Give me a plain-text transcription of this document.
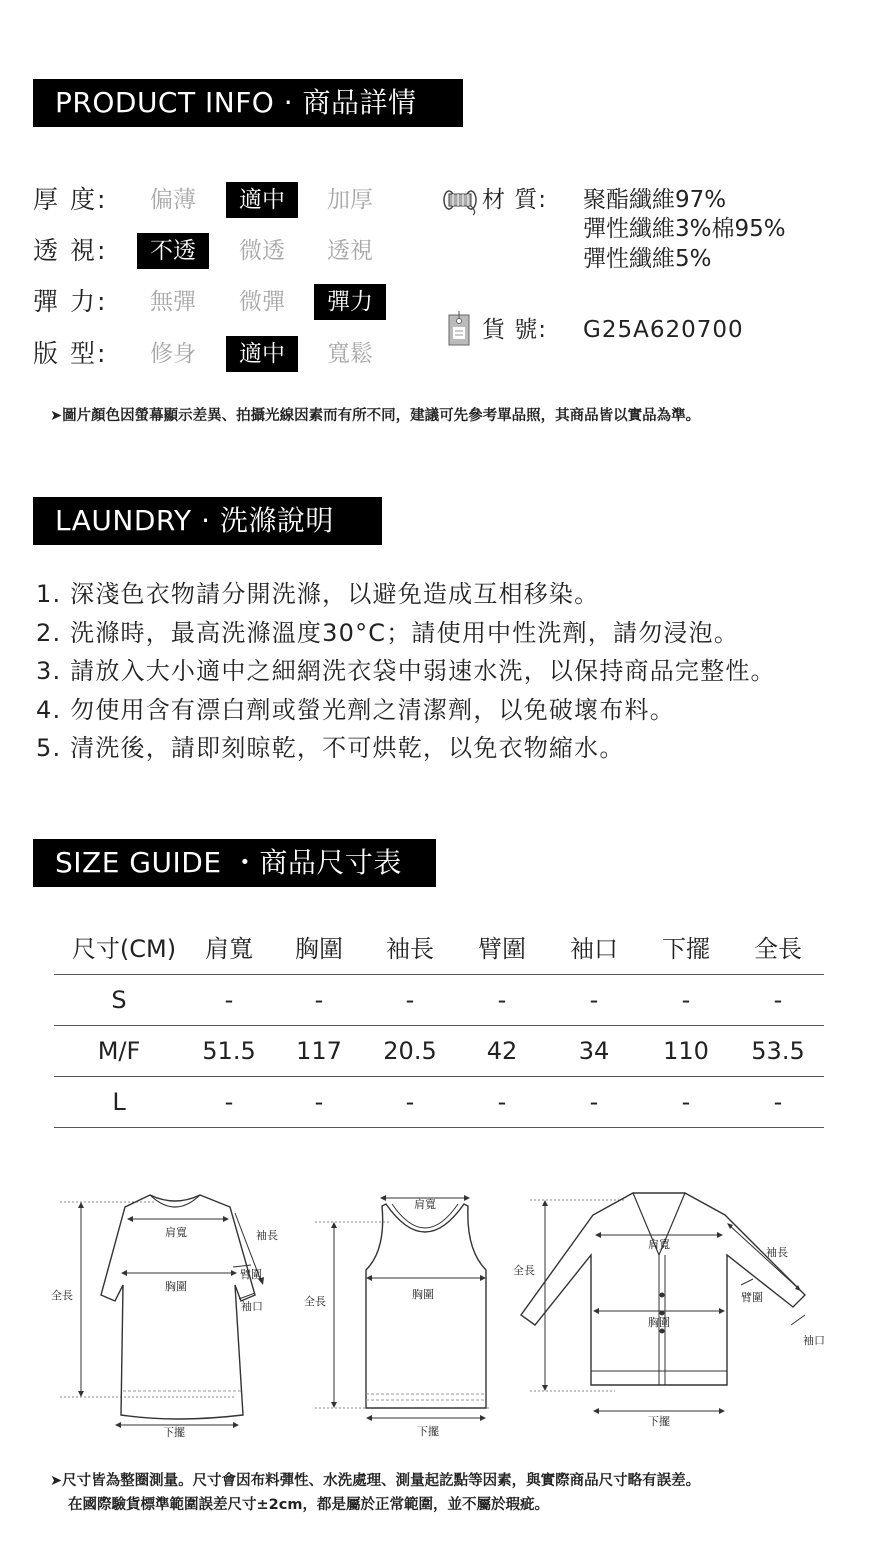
PRODUCT INFO · 商品詳情
厚 度:	偏薄	適中	加厚
透 視:	不透	微透	透視
彈 力:	無彈	微彈	彈力
版 型:	修身	適中	寬鬆
材 質: 聚酯纖維97%
彈性纖維3%棉95%
彈性纖維5%
貨 號: G25A620700
➤圖片顏色因螢幕顯示差異、拍攝光線因素而有所不同，建議可先參考單品照，其商品皆以實品為準。
LAUNDRY · 洗滌說明
1. 深淺色衣物請分開洗滌，以避免造成互相移染。
2. 洗滌時，最高洗滌溫度30°C；請使用中性洗劑，請勿浸泡。
3. 請放入大小適中之細網洗衣袋中弱速水洗，以保持商品完整性。
4. 勿使用含有漂白劑或螢光劑之清潔劑，以免破壞布料。
5. 清洗後，請即刻晾乾，不可烘乾，以免衣物縮水。
SIZE GUIDE ・商品尺寸表
尺寸(CM)	肩寬	胸圍	袖長	臂圍	袖口	下擺	全長
S	-	-	-	-	-	-	-
M/F	51.5	117	20.5	42	34	110	53.5
L	-	-	-	-	-	-	-
肩寬	袖長
胸圍
臂圍
袖口
全長
下擺
肩寬
胸圍
全長
下擺
肩寬
袖長
全長
臂圍
胸圍
袖口
下擺
➤尺寸皆為整圈測量。尺寸會因布料彈性、水洗處理、測量起訖點等因素，與實際商品尺寸略有誤差。
在國際驗貨標準範圍誤差尺寸±2cm，都是屬於正常範圍，並不屬於瑕疵。
